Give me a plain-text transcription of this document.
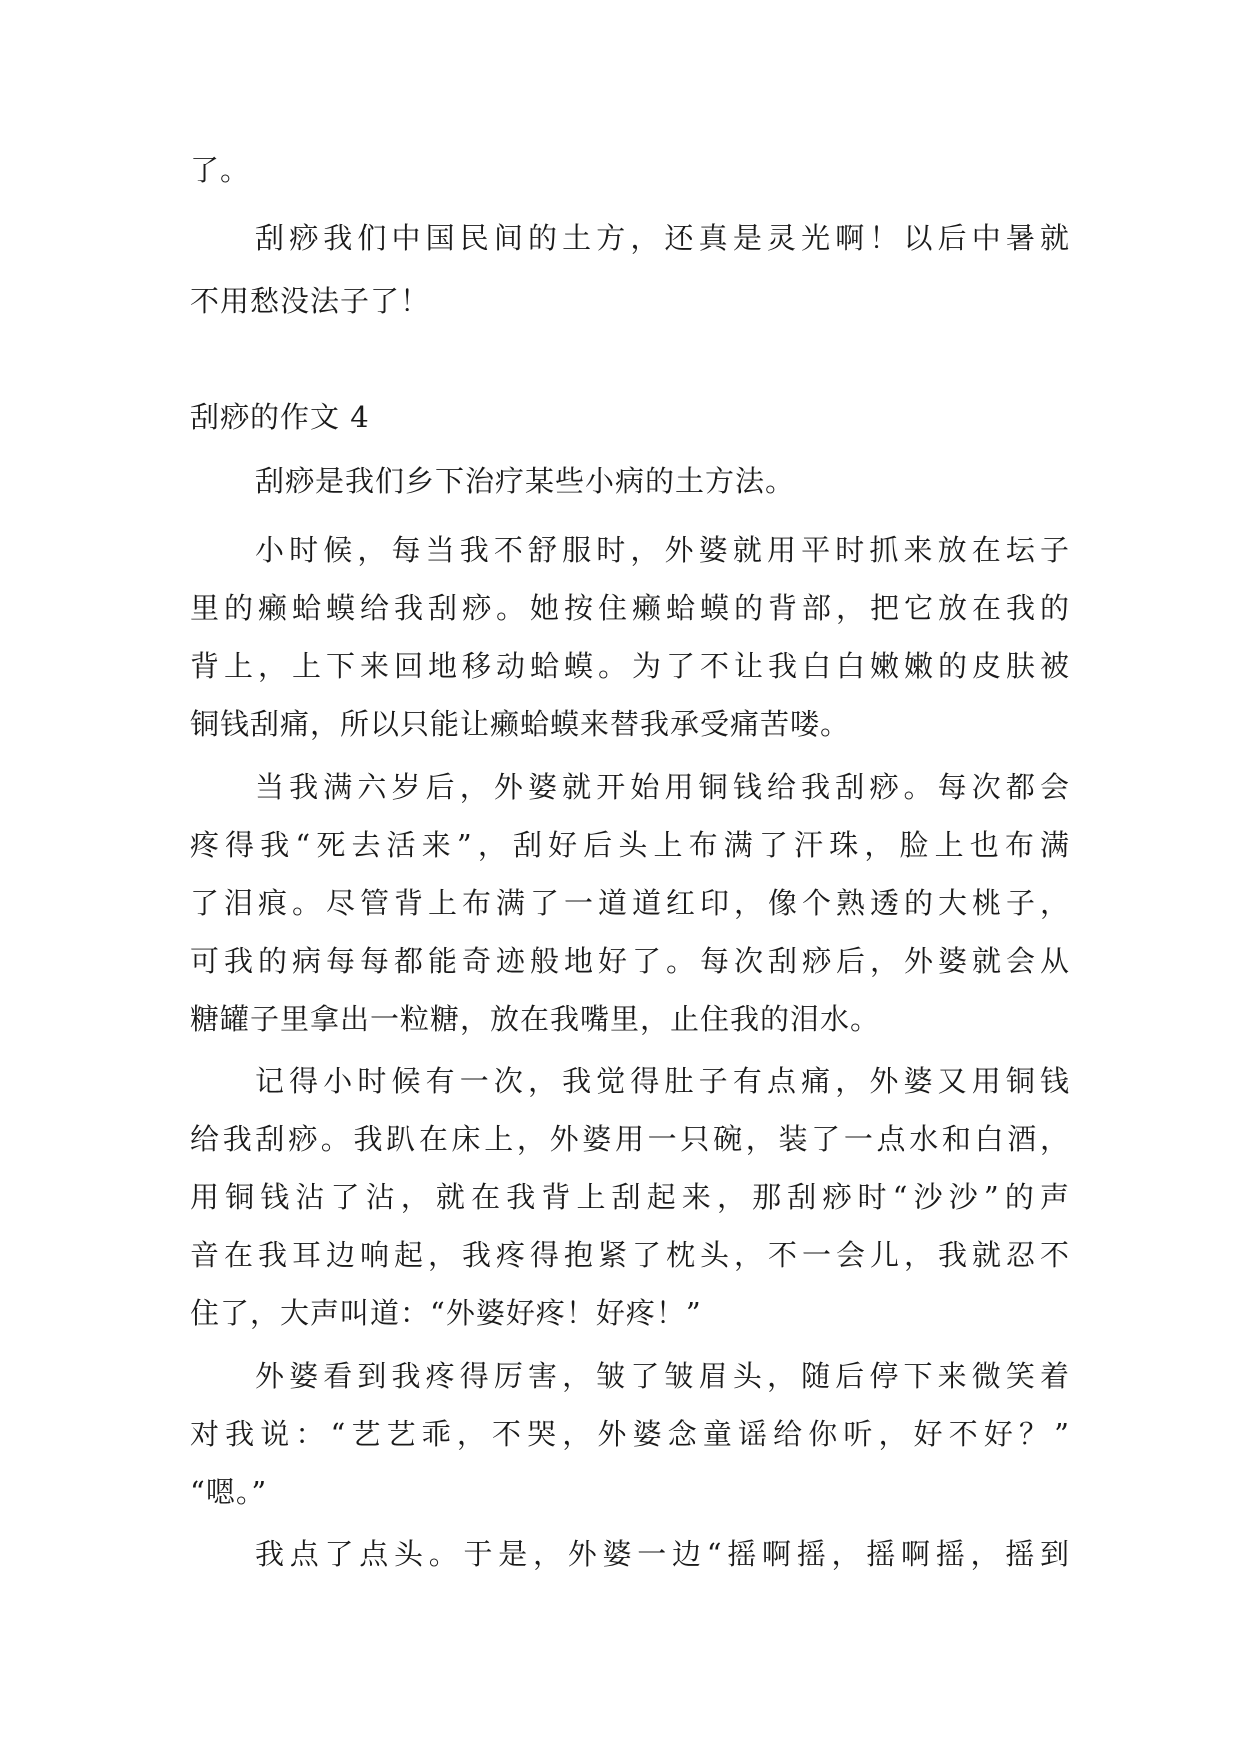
了。
刮痧我们中国民间的土方，还真是灵光啊！以后中暑就
不用愁没法子了！
刮痧的作文 4
刮痧是我们乡下治疗某些小病的土方法。
小时候，每当我不舒服时，外婆就用平时抓来放在坛子
里的癞蛤蟆给我刮痧。她按住癞蛤蟆的背部，把它放在我的
背上，上下来回地移动蛤蟆。为了不让我白白嫩嫩的皮肤被
铜钱刮痛，所以只能让癞蛤蟆来替我承受痛苦喽。
当我满六岁后，外婆就开始用铜钱给我刮痧。每次都会
疼得我“死去活来”，刮好后头上布满了汗珠，脸上也布满
了泪痕。尽管背上布满了一道道红印，像个熟透的大桃子，
可我的病每每都能奇迹般地好了。每次刮痧后，外婆就会从
糖罐子里拿出一粒糖，放在我嘴里，止住我的泪水。
记得小时候有一次，我觉得肚子有点痛，外婆又用铜钱
给我刮痧。我趴在床上，外婆用一只碗，装了一点水和白酒，
用铜钱沾了沾，就在我背上刮起来，那刮痧时“沙沙”的声
音在我耳边响起，我疼得抱紧了枕头，不一会儿，我就忍不
住了，大声叫道：“外婆好疼！好疼！”
外婆看到我疼得厉害，皱了皱眉头，随后停下来微笑着
对我说：“艺艺乖，不哭，外婆念童谣给你听，好不好？”
“嗯。”
我点了点头。于是，外婆一边“摇啊摇，摇啊摇，摇到
